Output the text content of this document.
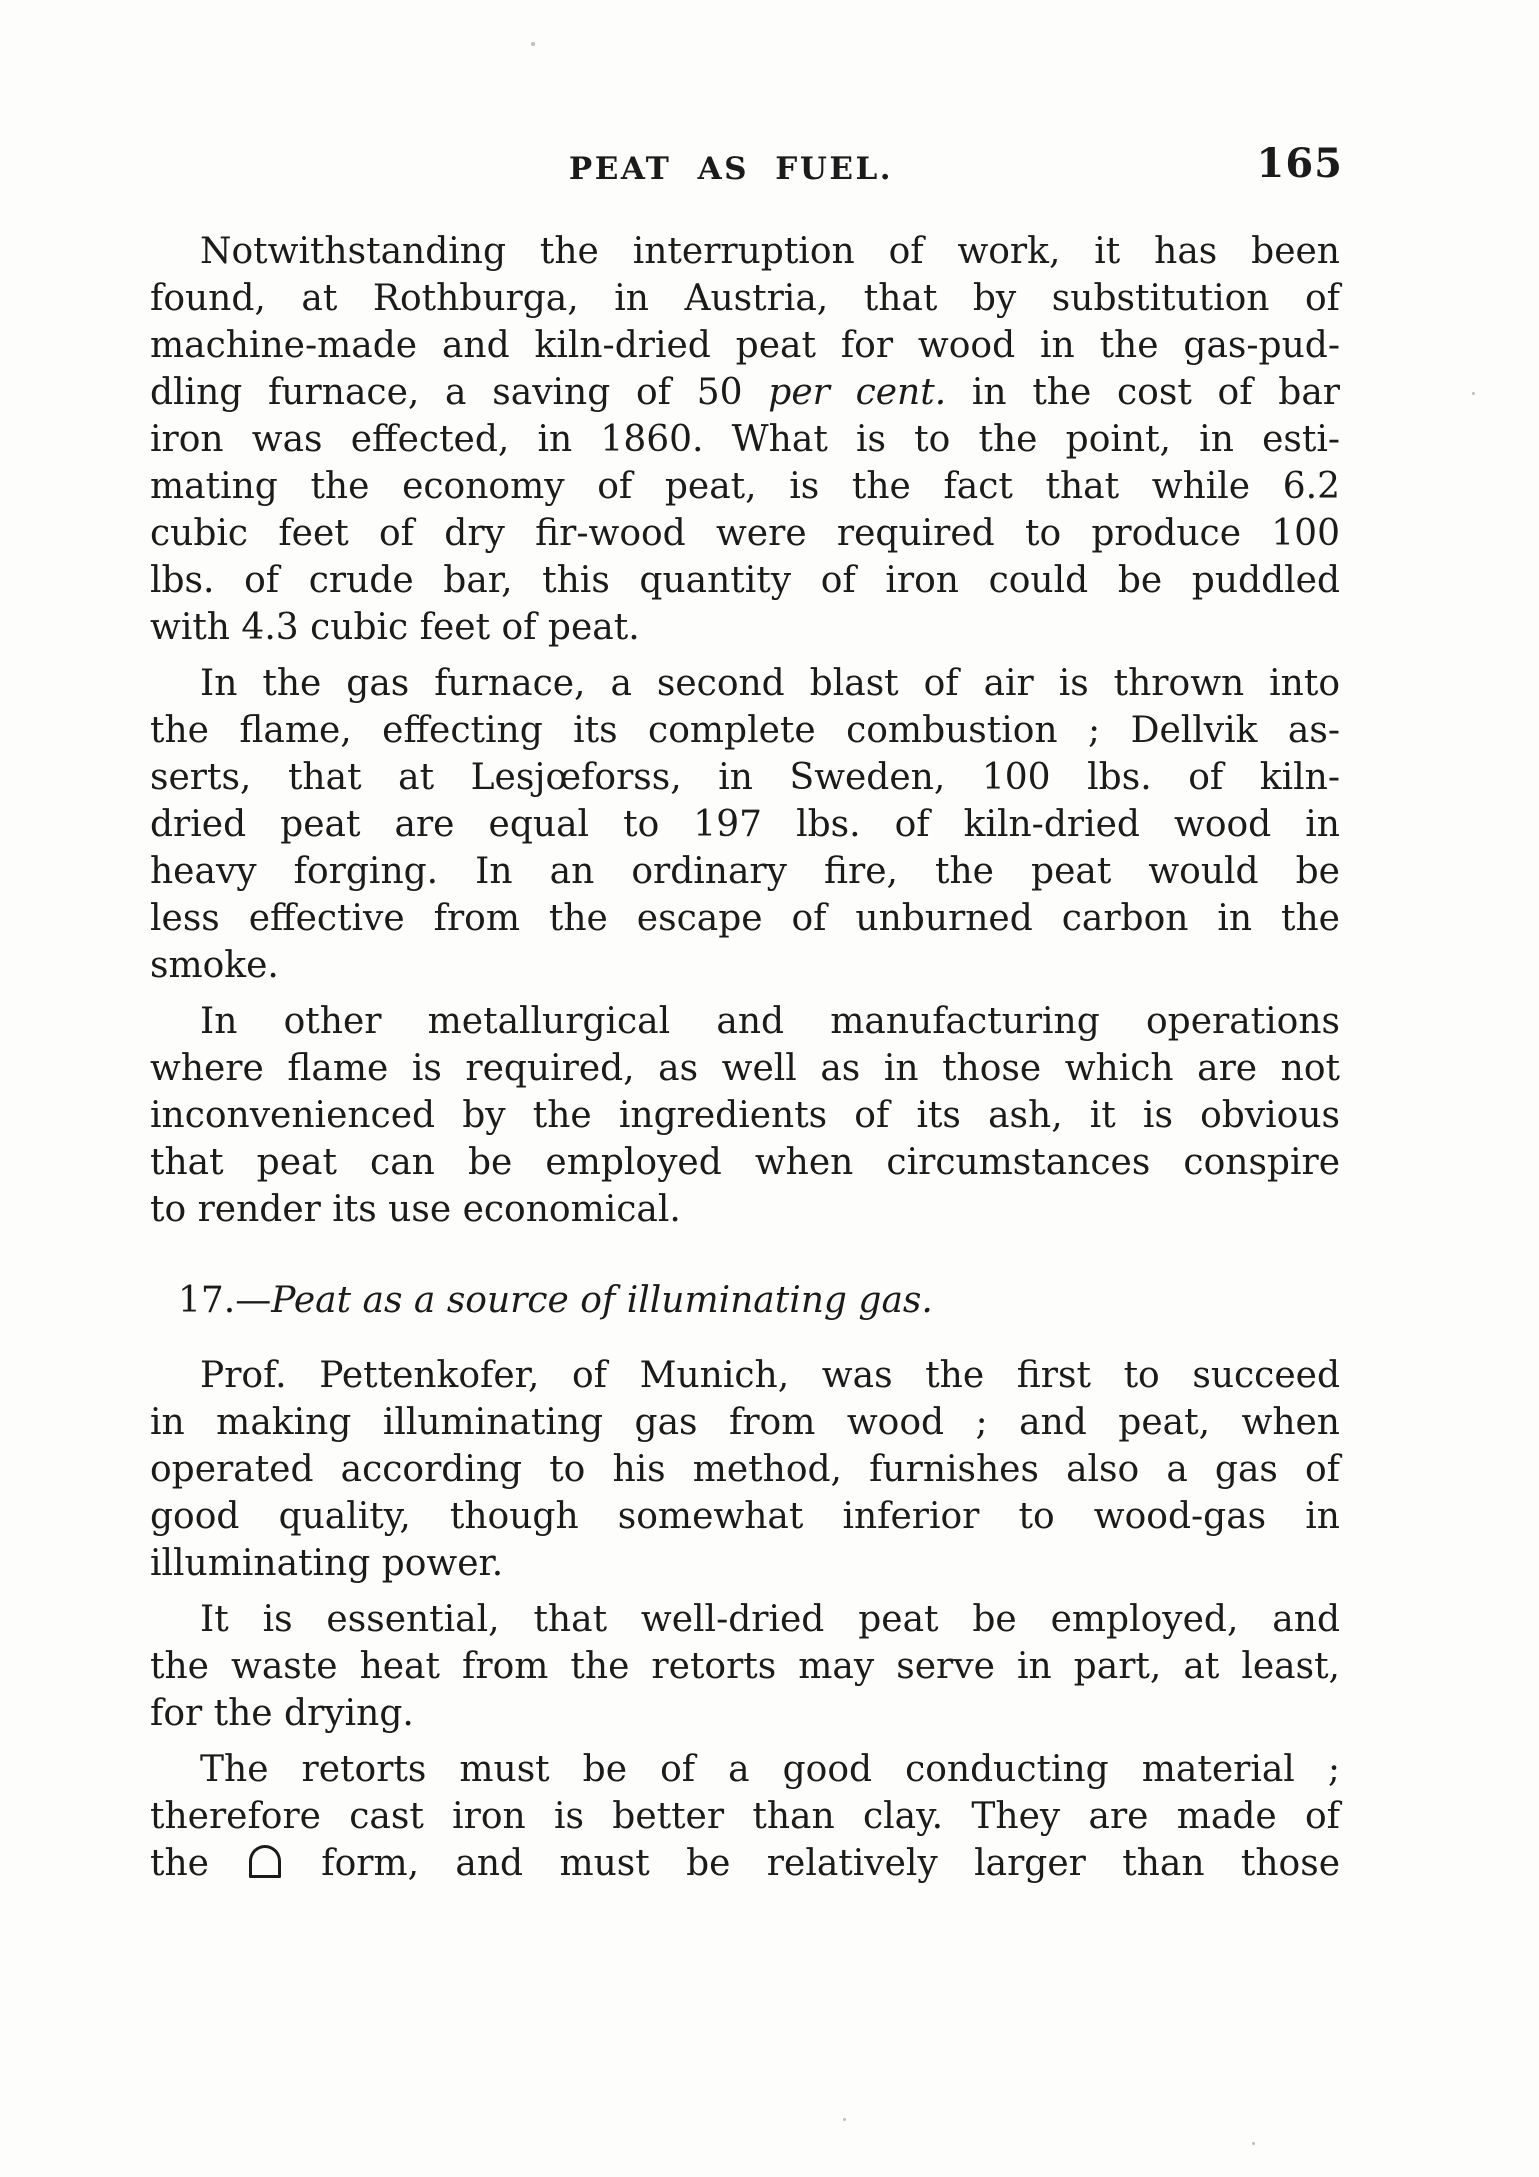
PEAT AS FUEL.	165
Notwithstanding the interruption of work, it has been
found, at Rothburga, in Austria, that by substitution of
machine-made and kiln-dried peat for wood in the gas-pud-
dling furnace, a saving of 50 per cent. in the cost of bar
iron was effected, in 1860. What is to the point, in esti-
mating the economy of peat, is the fact that while 6.2
cubic feet of dry fir-wood were required to produce 100
lbs. of crude bar, this quantity of iron could be puddled
with 4.3 cubic feet of peat.
In the gas furnace, a second blast of air is thrown into
the flame, effecting its complete combustion ; Dellvik as-
serts, that at Lesjœforss, in Sweden, 100 lbs. of kiln-
dried peat are equal to 197 lbs. of kiln-dried wood in
heavy forging. In an ordinary fire, the peat would be
less effective from the escape of unburned carbon in the
smoke.
In other metallurgical and manufacturing operations
where flame is required, as well as in those which are not
inconvenienced by the ingredients of its ash, it is obvious
that peat can be employed when circumstances conspire
to render its use economical.
17.—Peat as a source of illuminating gas.
Prof. Pettenkofer, of Munich, was the first to succeed
in making illuminating gas from wood ; and peat, when
operated according to his method, furnishes also a gas of
good quality, though somewhat inferior to wood-gas in
illuminating power.
It is essential, that well-dried peat be employed, and
the waste heat from the retorts may serve in part, at least,
for the drying.
The retorts must be of a good conducting material ;
therefore cast iron is better than clay. They are made of
the  form, and must be relatively larger than those
